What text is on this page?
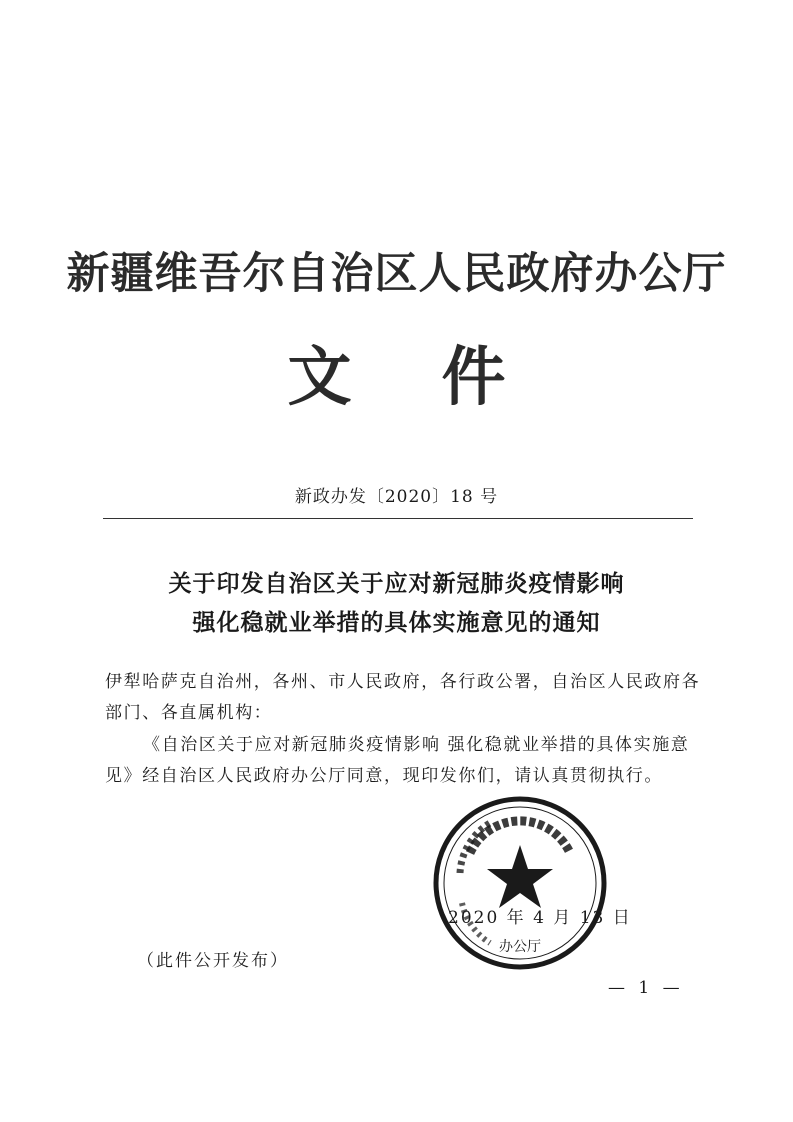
新疆维吾尔自治区人民政府办公厅
文件
新政办发〔2020〕18 号
关于印发自治区关于应对新冠肺炎疫情影响
强化稳就业举措的具体实施意见的通知
伊犁哈萨克自治州，各州、市人民政府，各行政公署，自治区人民政府各部门、各直属机构：
《自治区关于应对新冠肺炎疫情影响 强化稳就业举措的具体实施意见》经自治区人民政府办公厅同意，现印发你们，请认真贯彻执行。
办公厅
2020 年 4 月 13 日
（此件公开发布）
— 1 —
